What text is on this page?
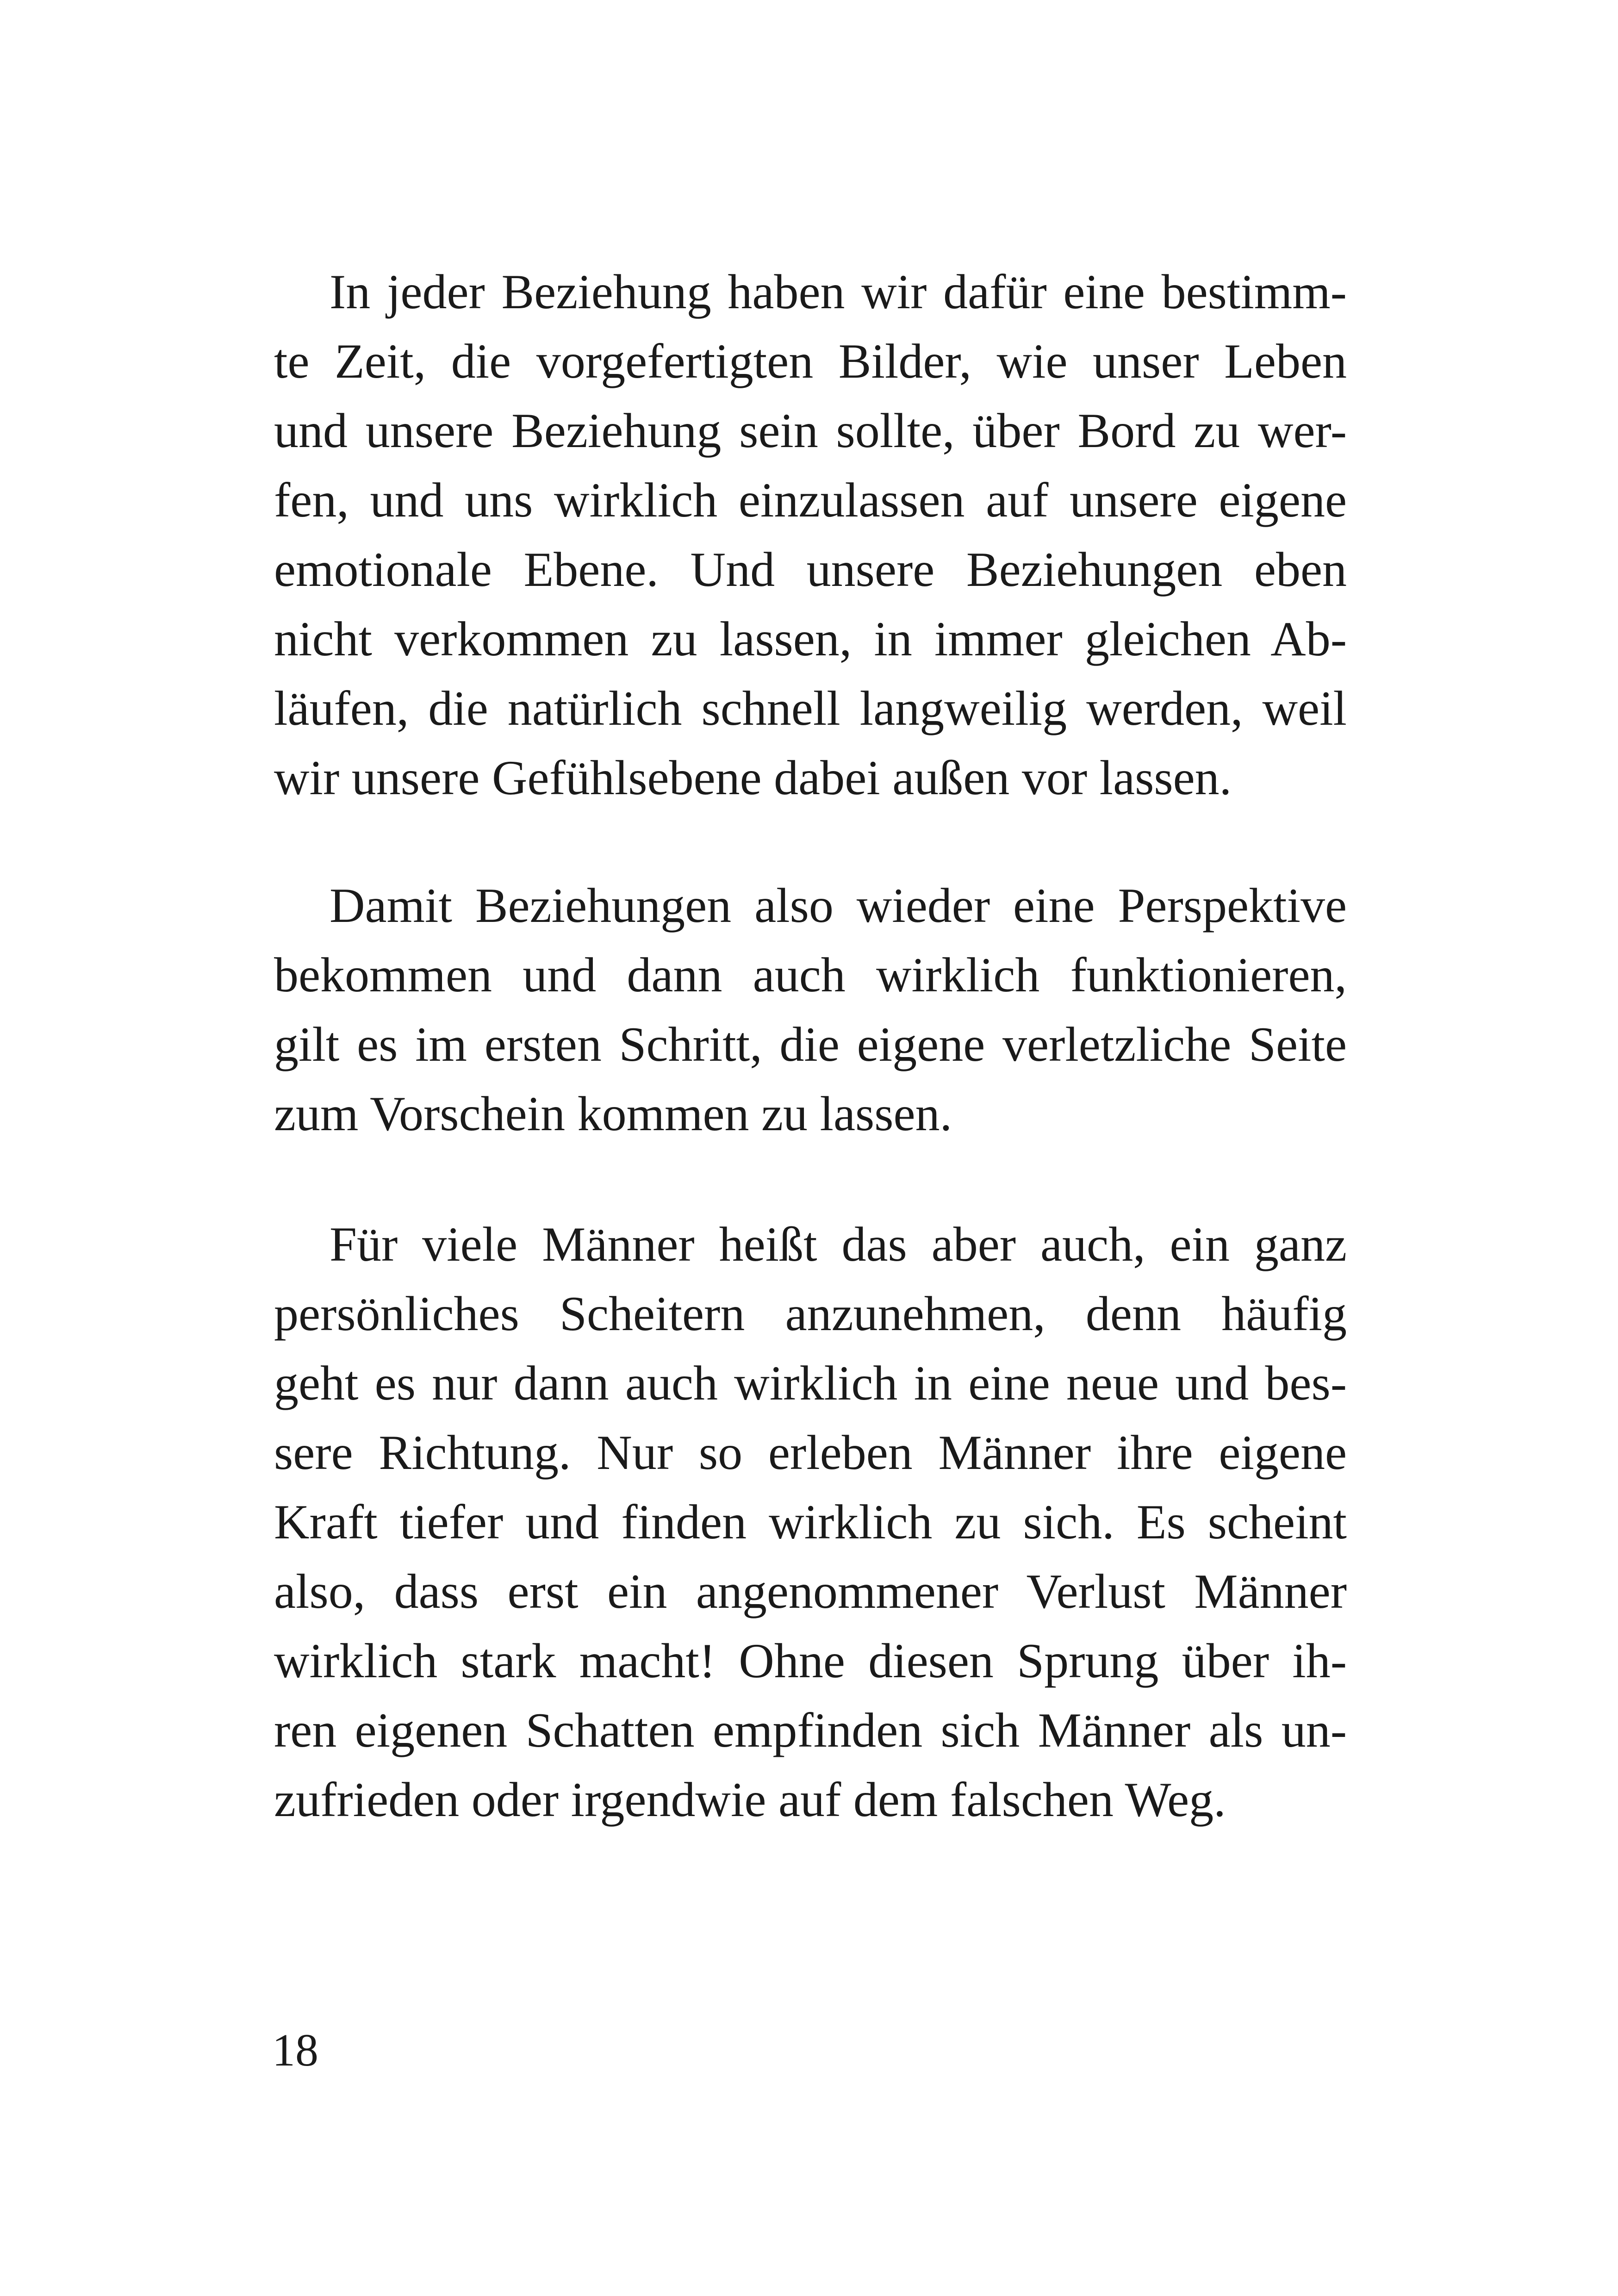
In jeder Beziehung haben wir dafür eine bestimm-
te Zeit, die vorgefertigten Bilder, wie unser Leben
und unsere Beziehung sein sollte, über Bord zu wer-
fen, und uns wirklich einzulassen auf unsere eigene
emotionale Ebene. Und unsere Beziehungen eben
nicht verkommen zu lassen, in immer gleichen Ab-
läufen, die natürlich schnell langweilig werden, weil
wir unsere Gefühlsebene dabei außen vor lassen.
Damit Beziehungen also wieder eine Perspektive
bekommen und dann auch wirklich funktionieren,
gilt es im ersten Schritt, die eigene verletzliche Seite
zum Vorschein kommen zu lassen.
Für viele Männer heißt das aber auch, ein ganz
persönliches Scheitern anzunehmen, denn häufig
geht es nur dann auch wirklich in eine neue und bes-
sere Richtung. Nur so erleben Männer ihre eigene
Kraft tiefer und finden wirklich zu sich. Es scheint
also, dass erst ein angenommener Verlust Männer
wirklich stark macht! Ohne diesen Sprung über ih-
ren eigenen Schatten empfinden sich Männer als un-
zufrieden oder irgendwie auf dem falschen Weg.
18
